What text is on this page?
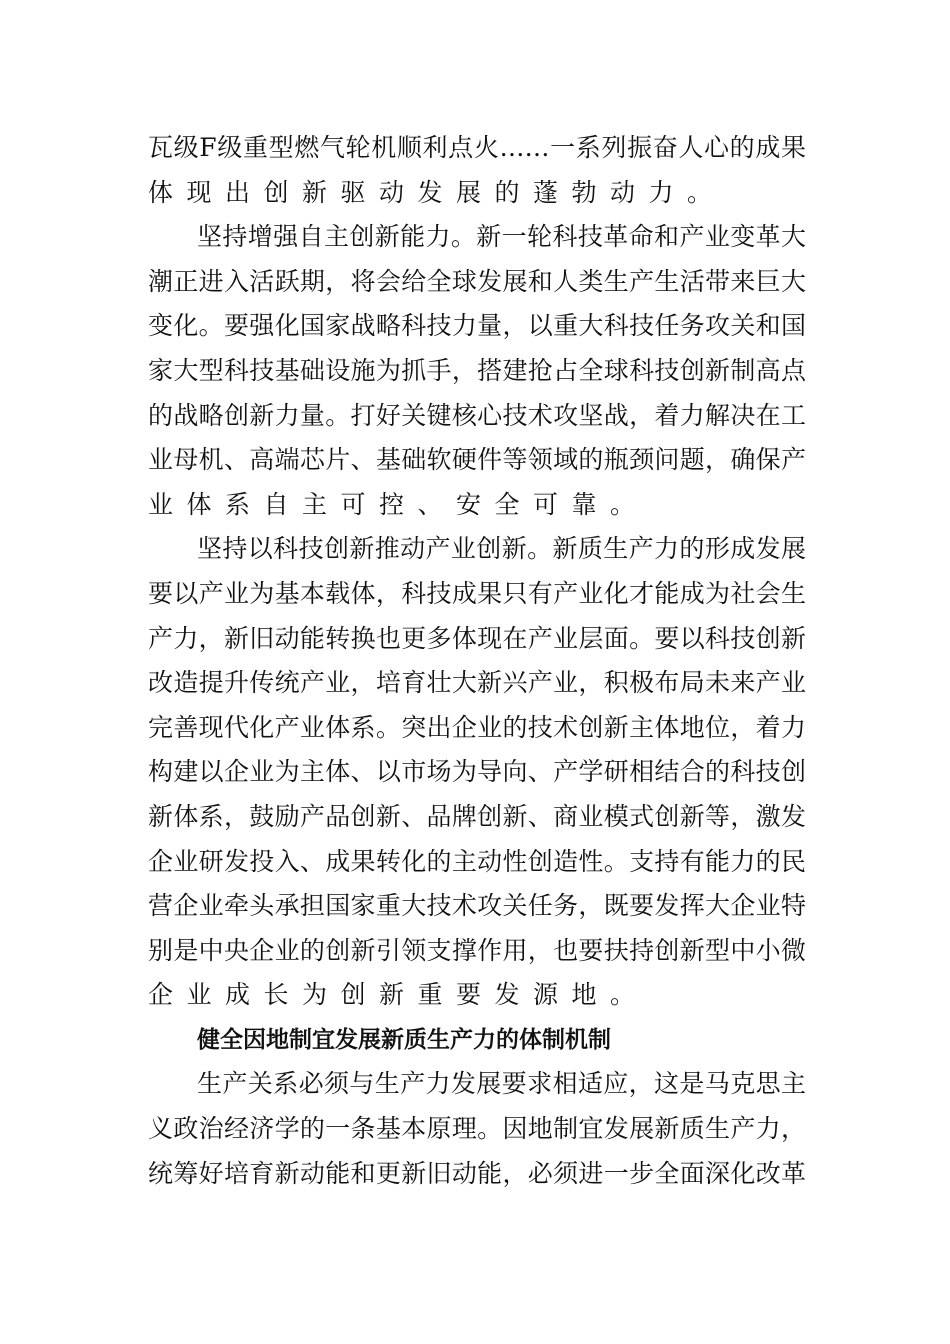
瓦级F级重型燃气轮机顺利点火……一系列振奋人心的成果
体现出创新驱动发展的蓬勃动力。
坚持增强自主创新能力。新一轮科技革命和产业变革大
潮正进入活跃期，将会给全球发展和人类生产生活带来巨大
变化。要强化国家战略科技力量，以重大科技任务攻关和国
家大型科技基础设施为抓手，搭建抢占全球科技创新制高点
的战略创新力量。打好关键核心技术攻坚战，着力解决在工
业母机、高端芯片、基础软硬件等领域的瓶颈问题，确保产
业体系自主可控、安全可靠。
坚持以科技创新推动产业创新。新质生产力的形成发展
要以产业为基本载体，科技成果只有产业化才能成为社会生
产力，新旧动能转换也更多体现在产业层面。要以科技创新
改造提升传统产业，培育壮大新兴产业，积极布局未来产业
完善现代化产业体系。突出企业的技术创新主体地位，着力
构建以企业为主体、以市场为导向、产学研相结合的科技创
新体系，鼓励产品创新、品牌创新、商业模式创新等，激发
企业研发投入、成果转化的主动性创造性。支持有能力的民
营企业牵头承担国家重大技术攻关任务，既要发挥大企业特
别是中央企业的创新引领支撑作用，也要扶持创新型中小微
企业成长为创新重要发源地。
健全因地制宜发展新质生产力的体制机制
生产关系必须与生产力发展要求相适应，这是马克思主
义政治经济学的一条基本原理。因地制宜发展新质生产力，
统筹好培育新动能和更新旧动能，必须进一步全面深化改革
